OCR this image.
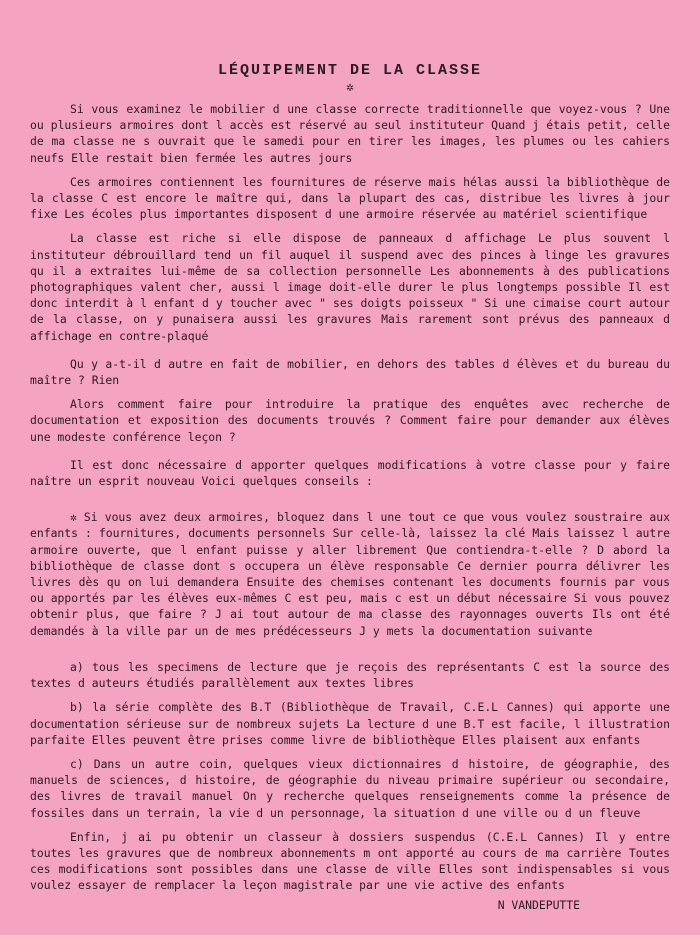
LÉQUIPEMENT DE LA CLASSE
✲

Si vous examinez le mobilier d une classe correcte traditionnelle que voyez-vous ? Une ou plusieurs armoires dont l accès est réservé au seul instituteur Quand j étais petit, celle de ma classe ne s ouvrait que le samedi pour en tirer les images, les plumes ou les cahiers neufs Elle restait bien fermée les autres jours

Ces armoires contiennent les fournitures de réserve mais hélas aussi la bibliothèque de la classe C est encore le maître qui, dans la plupart des cas, distribue les livres à jour fixe Les écoles plus importantes disposent d une armoire réservée au matériel scientifique

La classe est riche si elle dispose de panneaux d affichage Le plus souvent l instituteur débrouillard tend un fil auquel il suspend avec des pinces à linge les gravures qu il a extraites lui-même de sa collection personnelle Les abonnements à des publications photographiques valent cher, aussi l image doit-elle durer le plus longtemps possible Il est donc interdit à l enfant d y toucher avec " ses doigts poisseux " Si une cimaise court autour de la classe, on y punaisera aussi les gravures Mais rarement sont prévus des panneaux d affichage en contre-plaqué

Qu y a-t-il d autre en fait de mobilier, en dehors des tables d élèves et du bureau du maître ? Rien

Alors comment faire pour introduire la pratique des enquêtes avec recherche de documentation et exposition des documents trouvés ? Comment faire pour demander aux élèves une modeste conférence leçon ?

Il est donc nécessaire d apporter quelques modifications à votre classe pour y faire naître un esprit nouveau Voici quelques conseils :

✲ Si vous avez deux armoires, bloquez dans l une tout ce que vous voulez soustraire aux enfants : fournitures, documents personnels Sur celle-là, laissez la clé Mais laissez l autre armoire ouverte, que l enfant puisse y aller librement Que contiendra-t-elle ? D abord la bibliothèque de classe dont s occupera un élève responsable Ce dernier pourra délivrer les livres dès qu on lui demandera Ensuite des chemises contenant les documents fournis par vous ou apportés par les élèves eux-mêmes C est peu, mais c est un début nécessaire Si vous pouvez obtenir plus, que faire ? J ai tout autour de ma classe des rayonnages ouverts Ils ont été demandés à la ville par un de mes prédécesseurs J y mets la documentation suivante

a) tous les specimens de lecture que je reçois des représentants C est la source des textes d auteurs étudiés parallèlement aux textes libres

b) la série complète des B.T (Bibliothèque de Travail, C.E.L Cannes) qui apporte une documentation sérieuse sur de nombreux sujets La lecture d une B.T est facile, l illustration parfaite Elles peuvent être prises comme livre de bibliothèque Elles plaisent aux enfants

c) Dans un autre coin, quelques vieux dictionnaires d histoire, de géographie, des manuels de sciences, d histoire, de géographie du niveau primaire supérieur ou secondaire, des livres de travail manuel On y recherche quelques renseignements comme la présence de fossiles dans un terrain, la vie d un personnage, la situation d une ville ou d un fleuve

Enfin, j ai pu obtenir un classeur à dossiers suspendus (C.E.L Cannes) Il y entre toutes les gravures que de nombreux abonnements m ont apporté au cours de ma carrière Toutes ces modifications sont possibles dans une classe de ville Elles sont indispensables si vous voulez essayer de remplacer la leçon magistrale par une vie active des enfants

N VANDEPUTTE
